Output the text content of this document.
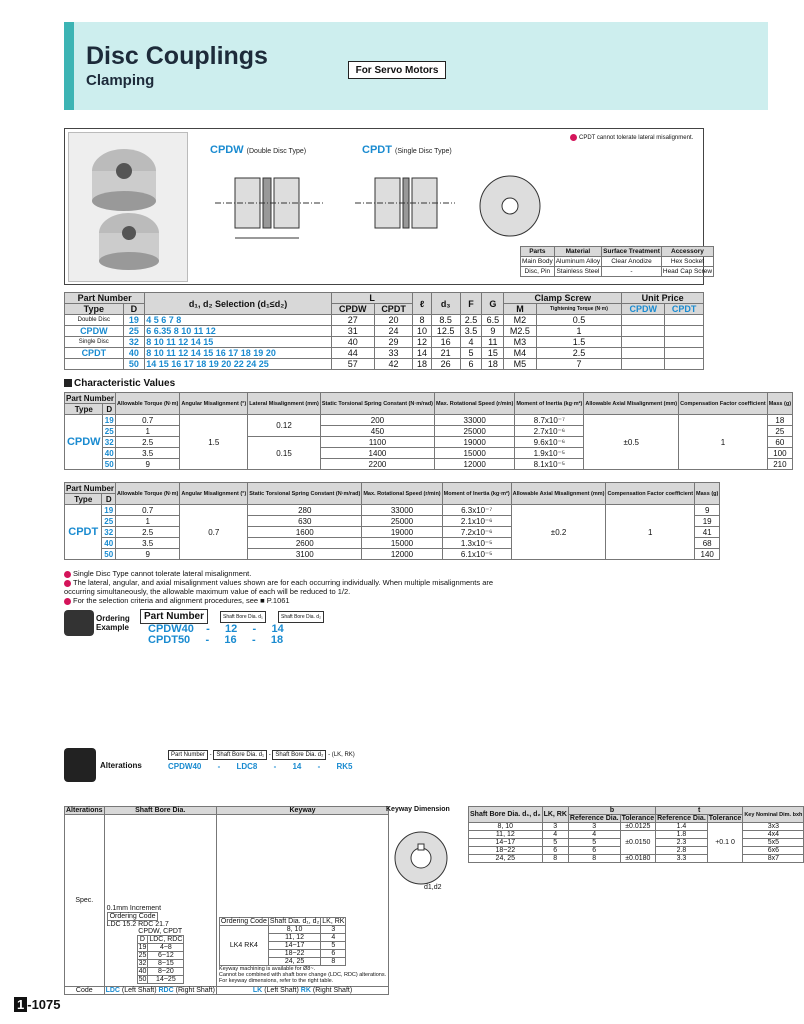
Disc Couplings
Clamping
For Servo Motors
CPDW (Double Disc Type)	CPDT (Single Disc Type)
CPDT cannot tolerate lateral misalignment.
Parts	Material	Surface Treatment	Accessory
Main Body	Aluminum Alloy	Clear Anodize	Hex Socket
Disc, Pin	Stainless Steel	-	Head Cap Screw
Part Number		d₁, d₂ Selection (d₁≤d₂)	L		ℓ	d₃	F	G	Clamp Screw		Unit Price	
Type	D		CPDW	CPDT					M	Tightening Torque (N·m)	CPDW	CPDT
Double Disc	19	4 5 6 7 8	27	20	8	8.5	2.5	6.5	M2	0.5		
CPDW	25	6 6.35 8 10 11 12	31	24	10	12.5	3.5	9	M2.5	1		
Single Disc	32	8 10 11 12 14 15	40	29	12	16	4	11	M3	1.5		
CPDT	40	8 10 11 12 14 15 16 17 18 19 20	44	33	14	21	5	15	M4	2.5		
	50	14 15 16 17 18 19 20 22 24 25	57	42	18	26	6	18	M5	7		
Characteristic Values
Part Number		Allowable Torque (N·m)	Angular Misalignment (°)	Lateral Misalignment (mm)	Static Torsional Spring Constant (N·m/rad)	Max. Rotational Speed (r/min)	Moment of Inertia (kg·m²)	Allowable Axial Misalignment (mm)	Compensation Factor coefficient	Mass (g)
Type	D									
CPDW	19	0.7	1.5	0.12	200	33000	8.7x10⁻⁷	±0.5	1	18
	25	1			450	25000	2.7x10⁻⁶			25
	32	2.5		0.15	1100	19000	9.6x10⁻⁶			60
	40	3.5			1400	15000	1.9x10⁻⁵			100
	50	9			2200	12000	8.1x10⁻⁵			210
Part Number		Allowable Torque (N·m)	Angular Misalignment (°)	Static Torsional Spring Constant (N·m/rad)	Max. Rotational Speed (r/min)	Moment of Inertia (kg·m²)	Allowable Axial Misalignment (mm)	Compensation Factor coefficient	Mass (g)
Type	D								
CPDT	19	0.7	0.7	280	33000	6.3x10⁻⁷	±0.2	1	9
	25	1		630	25000	2.1x10⁻⁶			19
	32	2.5		1600	19000	7.2x10⁻⁶			41
	40	3.5		2600	15000	1.3x10⁻⁵			68
	50	9		3100	12000	6.1x10⁻⁵			140
Single Disc Type cannot tolerate lateral misalignment.
The lateral, angular, and axial misalignment values shown are for each occurring individually. When multiple misalignments are occurring simultaneously, the allowable maximum value of each will be reduced to 1/2.
For the selection criteria and alignment procedures, see ■ P.1061
Ordering Example
Part Number	Shaft Bore Dia. d₁	Shaft Bore Dia. d₂
CPDW40    -     12     -     14
CPDT50     -     16     -     18
Alterations
Part Number - Shaft Bore Dia. d₁ - Shaft Bore Dia. d₂ - (LK, RK)
CPDW40 - LDC8 - 14 - RK5
Alterations	Shaft Bore Dia.	Keyway
Spec.	
0.1mm Increment
Ordering Code
LDC 15.2 RDC 21.7
CPDW, CPDT
D	LDC, RDC
19	4~8
25	6~12
32	8~15
40	8~20
50	14~25

Ordering Code	Shaft Dia. d₁, d₂	LK, RK
LK4 RK4	8, 10	3
11, 12	4
14~17	5
18~22	6
24, 25	8
Keyway machining is available for Ø8~.
Cannot be combined with shaft bore change (LDC, RDC) alterations.
For keyway dimensions, refer to the right table.

Code	LDC (Left Shaft) RDC (Right Shaft)	LK (Left Shaft) RK (Right Shaft)
Keyway Dimension
d1,d2
Shaft Bore Dia. d₁, d₂	LK, RK	b		t		Key Nominal Dim. bxh
		Reference Dia.	Tolerance	Reference Dia.	Tolerance	
8, 10	3	3	±0.0125	1.4	+0.1 0	3x3
11, 12	4	4	±0.0150	1.8		4x4
14~17	5	5		2.3		5x5
18~22	6	6		2.8		6x6
24, 25	8	8	±0.0180	3.3		8x7
1 -1075
